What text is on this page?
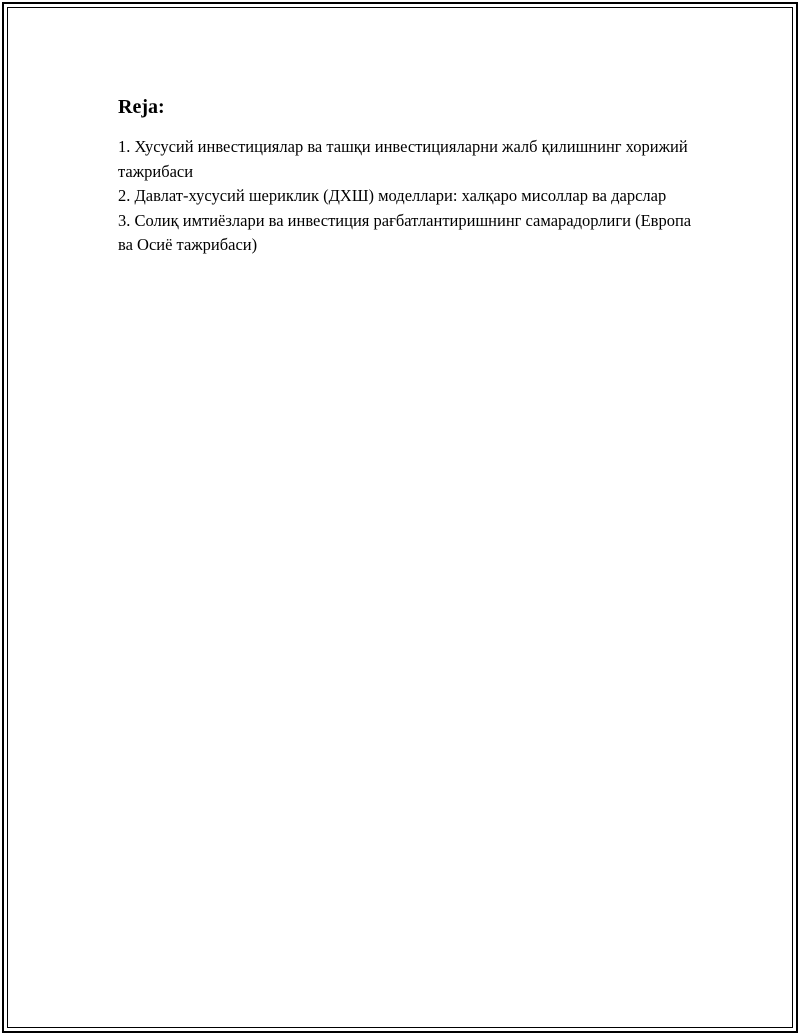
Reja:
1. Хусусий инвестициялар ва ташқи инвестицияларни жалб қилишнинг хорижий тажрибаси
2. Давлат-хусусий шериклик (ДХШ) моделлари: халқаро мисоллар ва дарслар
3. Солиқ имтиёзлари ва инвестиция рағбатлантиришнинг самарадорлиги (Европа ва Осиё тажрибаси)
